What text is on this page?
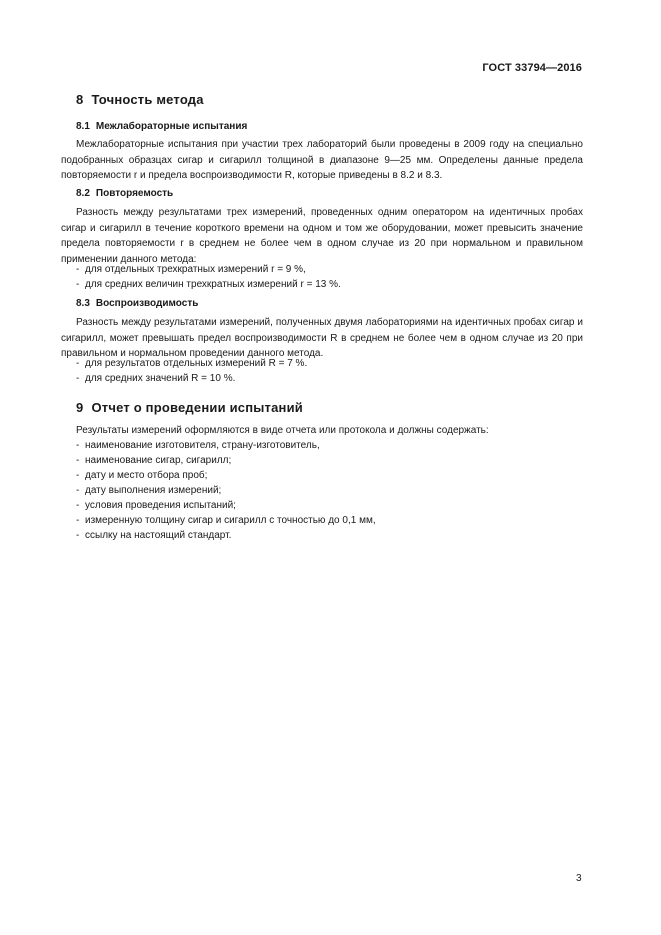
ГОСТ 33794—2016
8 Точность метода
8.1 Межлабораторные испытания

Межлабораторные испытания при участии трех лабораторий были проведены в 2009 году на специально подобранных образцах сигар и сигарилл толщиной в диапазоне 9—25 мм. Определены данные предела повторяемости r и предела воспроизводимости R, которые приведены в 8.2 и 8.3.

8.2 Повторяемость

Разность между результатами трех измерений, проведенных одним оператором на идентичных пробах сигар и сигарилл в течение короткого времени на одном и том же оборудовании, может превысить значение предела повторяемости r в среднем не более чем в одном случае из 20 при нормальном и правильном применении данного метода:

- для отдельных трехкратных измерений r = 9 %,
- для средних величин трехкратных измерений r = 13 %.
8.3 Воспроизводимость

Разность между результатами измерений, полученных двумя лабораториями на идентичных пробах сигар и сигарилл, может превышать предел воспроизводимости R в среднем не более чем в одном случае из 20 при правильном и нормальном проведении данного метода.

- для результатов отдельных измерений R = 7 %.
- для средних значений R = 10 %.
9 Отчет о проведении испытаний
Результаты измерений оформляются в виде отчета или протокола и должны содержать:
- наименование изготовителя, страну-изготовитель,
- наименование сигар, сигарилл;
- дату и место отбора проб;
- дату выполнения измерений;
- условия проведения испытаний;
- измеренную толщину сигар и сигарилл с точностью до 0,1 мм,
- ссылку на настоящий стандарт.
3
